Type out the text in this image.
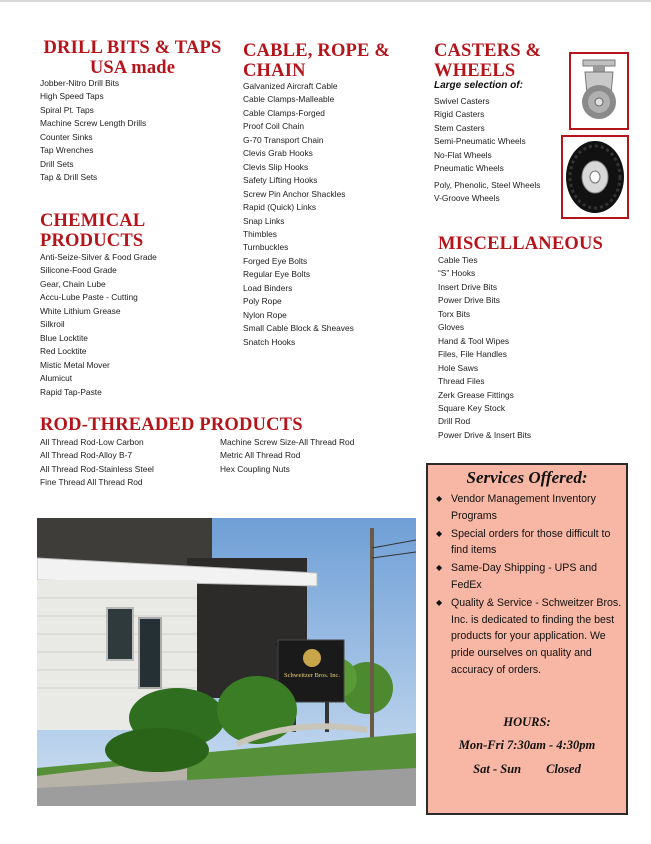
DRILL BITS & TAPS
USA made
Jobber-Nitro Drill Bits
High Speed Taps
Spiral Pt. Taps
Machine Screw Length Drills
Counter Sinks
Tap Wrenches
Drill Sets
Tap & Drill Sets
CHEMICAL
PRODUCTS
Anti-Seize-Silver & Food Grade
Silicone-Food Grade
Gear, Chain Lube
Accu-Lube Paste - Cutting
White Lithium Grease
Silkroil
Blue Locktite
Red Locktite
Mistic Metal Mover
Alumicut
Rapid Tap-Paste
CABLE, ROPE &
CHAIN
Galvanized Aircraft Cable
Cable Clamps-Malleable
Cable Clamps-Forged
Proof Coil Chain
G-70 Transport Chain
Clevis Grab Hooks
Clevis Slip Hooks
Safety Lifting Hooks
Screw Pin Anchor Shackles
Rapid (Quick) Links
Snap Links
Thimbles
Turnbuckles
Forged Eye Bolts
Regular Eye Bolts
Load Binders
Poly Rope
Nylon Rope
Small Cable Block & Sheaves
Snatch Hooks
CASTERS &
WHEELS
Large selection of:
Swivel Casters
Rigid Casters
Stem Casters
Semi-Pneumatic Wheels
No-Flat Wheels
Pneumatic Wheels
Poly, Phenolic, Steel Wheels
V-Groove Wheels
MISCELLANEOUS
Cable Ties
“S” Hooks
Insert Drive Bits
Power Drive Bits
Torx Bits
Gloves
Hand & Tool Wipes
Files, File Handles
Hole Saws
Thread Files
Zerk Grease Fittings
Square Key Stock
Drill Rod
Power Drive & Insert Bits
ROD-THREADED PRODUCTS
All Thread Rod-Low Carbon
All Thread Rod-Alloy B-7
All Thread Rod-Stainless Steel
Fine Thread All Thread Rod
Machine Screw Size-All Thread Rod
Metric All Thread Rod
Hex Coupling Nuts
Schweitzer Bros. Inc.
Services Offered:
◆ Vendor Management Inventory Programs
◆ Special orders for those difficult to find items
◆ Same-Day Shipping - UPS and FedEx
◆ Quality & Service - Schweitzer Bros. Inc. is dedicated to finding the best products for your application. We pride ourselves on quality and accuracy of orders.
HOURS:
Mon-Fri 7:30am - 4:30pm
Sat - Sun        Closed
